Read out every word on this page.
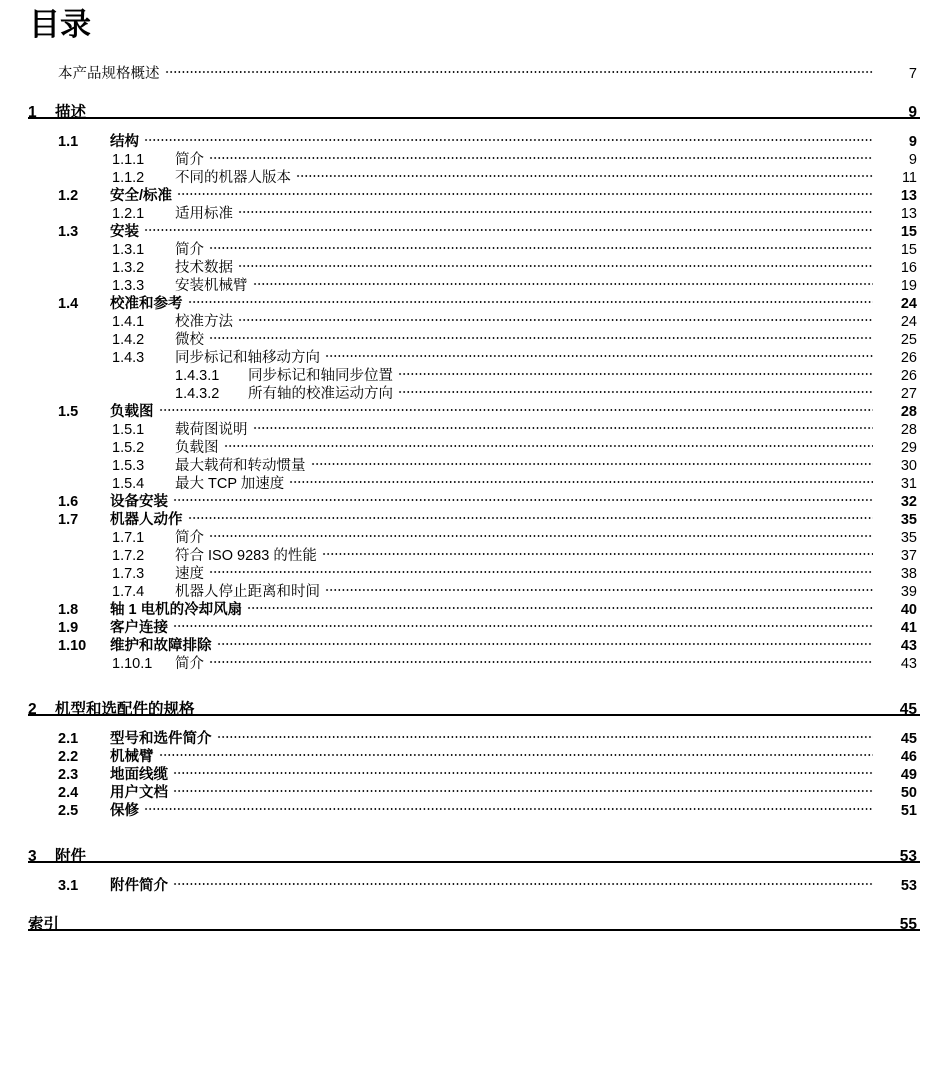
目录
本产品规格概述	7
1	描述	9
1.1	结构	9
1.1.1	简介	9
1.1.2	不同的机器人版本	11
1.2	安全/标准	13
1.2.1	适用标准	13
1.3	安装	15
1.3.1	简介	15
1.3.2	技术数据	16
1.3.3	安装机械臂	19
1.4	校准和参考	24
1.4.1	校准方法	24
1.4.2	微校	25
1.4.3	同步标记和轴移动方向	26
1.4.3.1	同步标记和轴同步位置	26
1.4.3.2	所有轴的校准运动方向	27
1.5	负载图	28
1.5.1	载荷图说明	28
1.5.2	负载图	29
1.5.3	最大载荷和转动惯量	30
1.5.4	最大 TCP 加速度	31
1.6	设备安装	32
1.7	机器人动作	35
1.7.1	简介	35
1.7.2	符合 ISO 9283 的性能	37
1.7.3	速度	38
1.7.4	机器人停止距离和时间	39
1.8	轴 1 电机的冷却风扇	40
1.9	客户连接	41
1.10	维护和故障排除	43
1.10.1	简介	43
2	机型和选配件的规格	45
2.1	型号和选件简介	45
2.2	机械臂	46
2.3	地面线缆	49
2.4	用户文档	50
2.5	保修	51
3	附件	53
3.1	附件简介	53
索引	55
